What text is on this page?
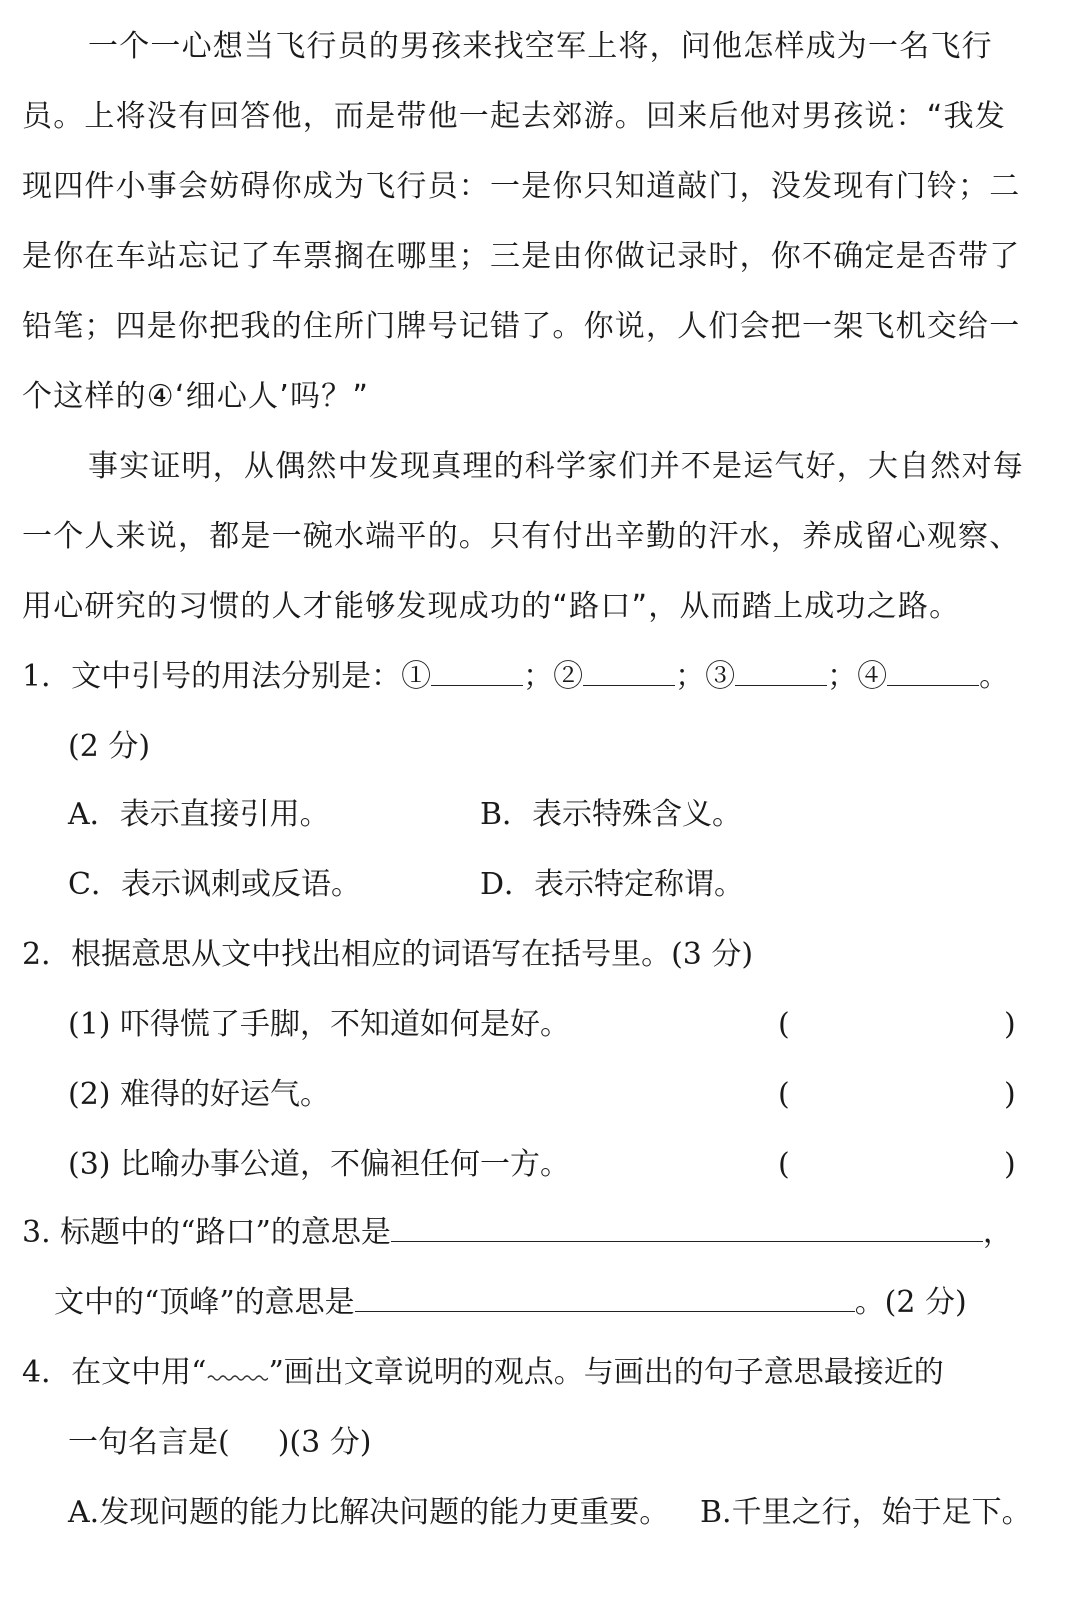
一个一心想当飞行员的男孩来找空军上将，问他怎样成为一名飞行
员。上将没有回答他，而是带他一起去郊游。回来后他对男孩说：“我发
现四件小事会妨碍你成为飞行员：一是你只知道敲门，没发现有门铃；二
是你在车站忘记了车票搁在哪里；三是由你做记录时，你不确定是否带了
铅笔；四是你把我的住所门牌号记错了。你说，人们会把一架飞机交给一
个这样的④‘细心人’吗？”
事实证明，从偶然中发现真理的科学家们并不是运气好，大自然对每
一个人来说，都是一碗水端平的。只有付出辛勤的汗水，养成留心观察、
用心研究的习惯的人才能够发现成功的“路口”，从而踏上成功之路。
1．文中引号的用法分别是：①	；②	；③	；④	。
(2 分)
A．表示直接引用。	B．表示特殊含义。
C．表示讽刺或反语。	D．表示特定称谓。
2．根据意思从文中找出相应的词语写在括号里。(3 分)
(1) 吓得慌了手脚，不知道如何是好。	(	)
(2) 难得的好运气。	(	)
(3) 比喻办事公道，不偏袒任何一方。	(	)
3. 标题中的“路口”的意思是	，
文中的“顶峰”的意思是	。(2 分)
4．在文中用“ ”画出文章说明的观点。与画出的句子意思最接近的
一句名言是( )(3 分)
A.发现问题的能力比解决问题的能力更重要。 B.千里之行，始于足下。
